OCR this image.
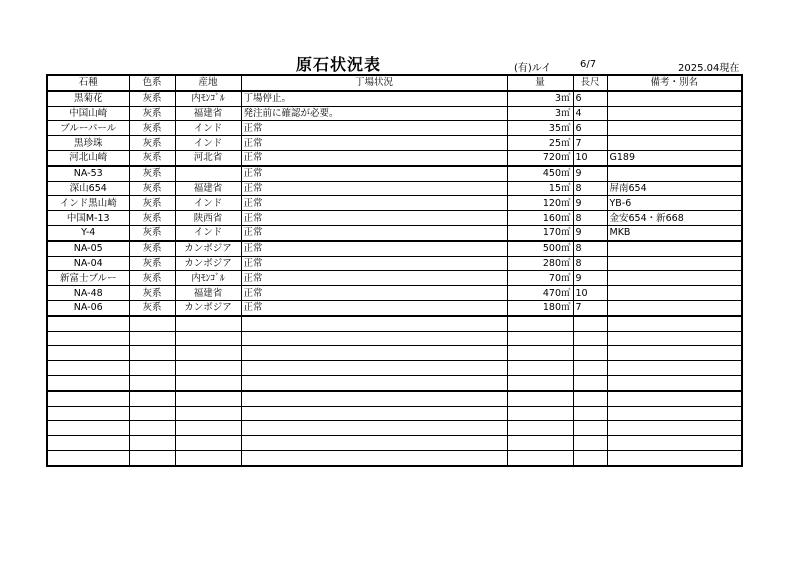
原石状況表	(有)ルイ	6/7	2025.04現在
石種	色系	産地	丁場状況	量	長尺	備考・別名
黒菊花	灰系	内ﾓﾝｺﾞﾙ	丁場停止。	3㎥	6	
中国山崎	灰系	福建省	発注前に確認が必要。	3㎥	4	
ブルーパール	灰系	インド	正常	35㎥	6	
黒珍珠	灰系	インド	正常	25㎥	7	
河北山崎	灰系	河北省	正常	720㎥	10	G189
NA-53	灰系		正常	450㎥	9	
深山654	灰系	福建省	正常	15㎥	8	屏南654
インド黒山崎	灰系	インド	正常	120㎥	9	YB-6
中国M-13	灰系	陕西省	正常	160㎥	8	金安654・新668
Y-4	灰系	インド	正常	170㎥	9	MKB
NA-05	灰系	カンボジア	正常	500㎥	8	
NA-04	灰系	カンボジア	正常	280㎥	8	
新富士ブルー	灰系	内ﾓﾝｺﾞﾙ	正常	70㎥	9	
NA-48	灰系	福建省	正常	470㎥	10	
NA-06	灰系	カンボジア	正常	180㎥	7	
